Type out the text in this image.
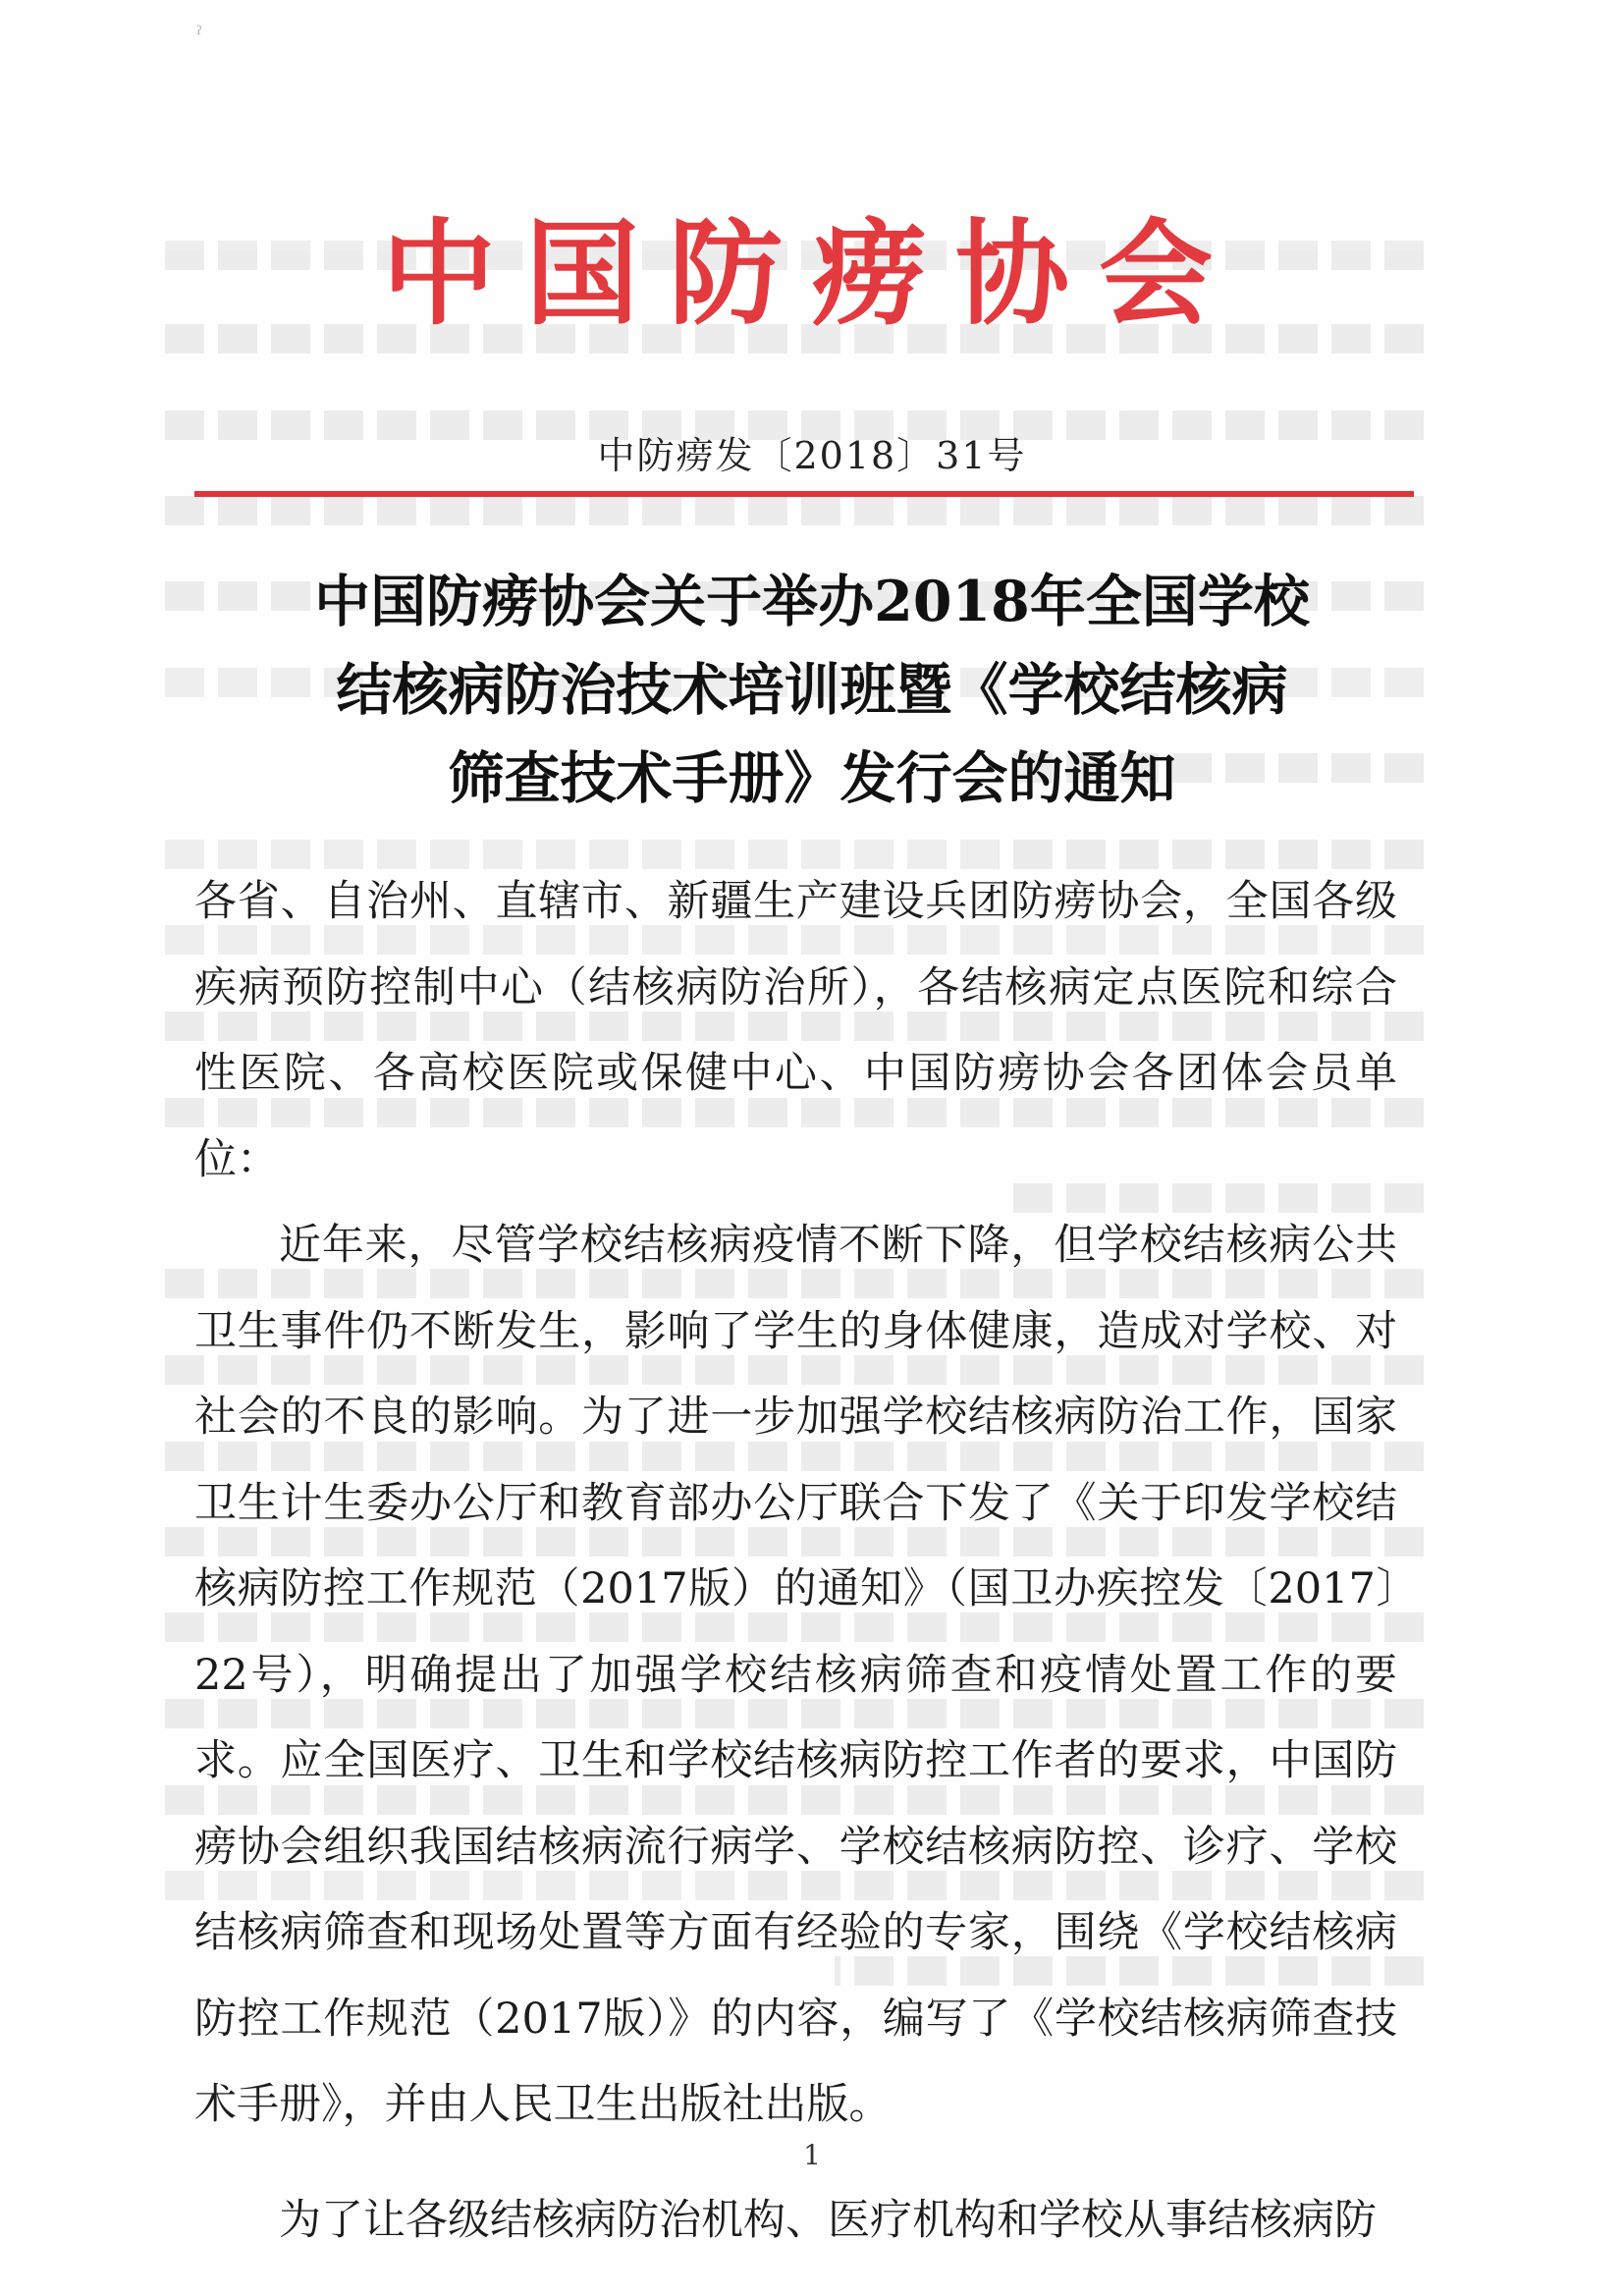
ˀ
中国防痨协会
中防痨发〔2018〕31号
中国防痨协会关于举办2018年全国学校
结核病防治技术培训班暨《学校结核病
筛查技术手册》发行会的通知

各省、自治州、直辖市、新疆生产建设兵团防痨协会，全国各级疾病预防控制中心（结核病防治所），各结核病定点医院和综合性医院、各高校医院或保健中心、中国防痨协会各团体会员单位：

近年来，尽管学校结核病疫情不断下降，但学校结核病公共卫生事件仍不断发生，影响了学生的身体健康，造成对学校、对社会的不良的影响。为了进一步加强学校结核病防治工作，国家卫生计生委办公厅和教育部办公厅联合下发了《关于印发学校结核病防控工作规范（2017版）的通知》（国卫办疾控发〔2017〕22号），明确提出了加强学校结核病筛查和疫情处置工作的要求。应全国医疗、卫生和学校结核病防控工作者的要求，中国防痨协会组织我国结核病流行病学、学校结核病防控、诊疗、学校结核病筛查和现场处置等方面有经验的专家，围绕《学校结核病防控工作规范（2017版）》的内容，编写了《学校结核病筛查技术手册》，并由人民卫生出版社出版。

为了让各级结核病防治机构、医疗机构和学校从事结核病防

1
